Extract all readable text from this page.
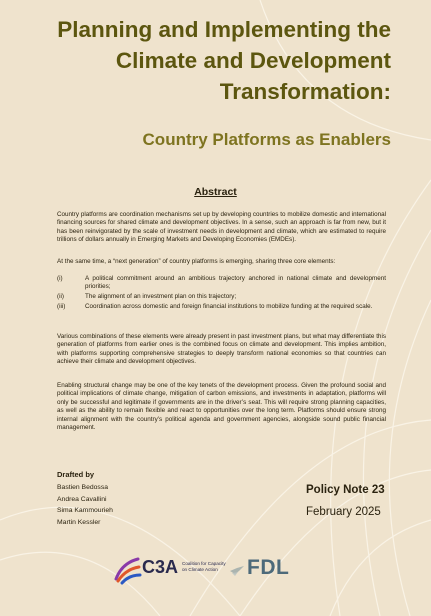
Planning and Implementing the Climate and Development Transformation:
Country Platforms as Enablers
Abstract

Country platforms are coordination mechanisms set up by developing countries to mobilize domestic and international financing sources for shared climate and development objectives. In a sense, such an approach is far from new, but it has been reinvigorated by the scale of investment needs in development and climate, which are estimated to require trillions of dollars annually in Emerging Markets and Developing Economies (EMDEs).

At the same time, a “next generation” of country platforms is emerging, sharing three core elements:

(i)	A political commitment around an ambitious trajectory anchored in national climate and development priorities;
(ii)	The alignment of an investment plan on this trajectory;
(iii)	Coordination across domestic and foreign financial institutions to mobilize funding at the required scale.

Various combinations of these elements were already present in past investment plans, but what may differentiate this generation of platforms from earlier ones is the combined focus on climate and development. This implies ambition, with platforms supporting comprehensive strategies to deeply transform national economies so that countries can achieve their climate and development objectives.

Enabling structural change may be one of the key tenets of the development process. Given the profound social and political implications of climate change, mitigation of carbon emissions, and investments in adaptation, platforms will only be successful and legitimate if governments are in the driver’s seat. This will require strong planning capacities, as well as the ability to remain flexible and react to opportunities over the long term. Platforms should ensure strong internal alignment with the country’s political agenda and government agencies, alongside sound public financial management.

Drafted by

Bastien Bedossa
Andrea Cavallini
Sima Kammourieh
Martin Kessler

Policy Note 23

February 2025

C3A Coalition for Capacity on Climate Action	FDL
